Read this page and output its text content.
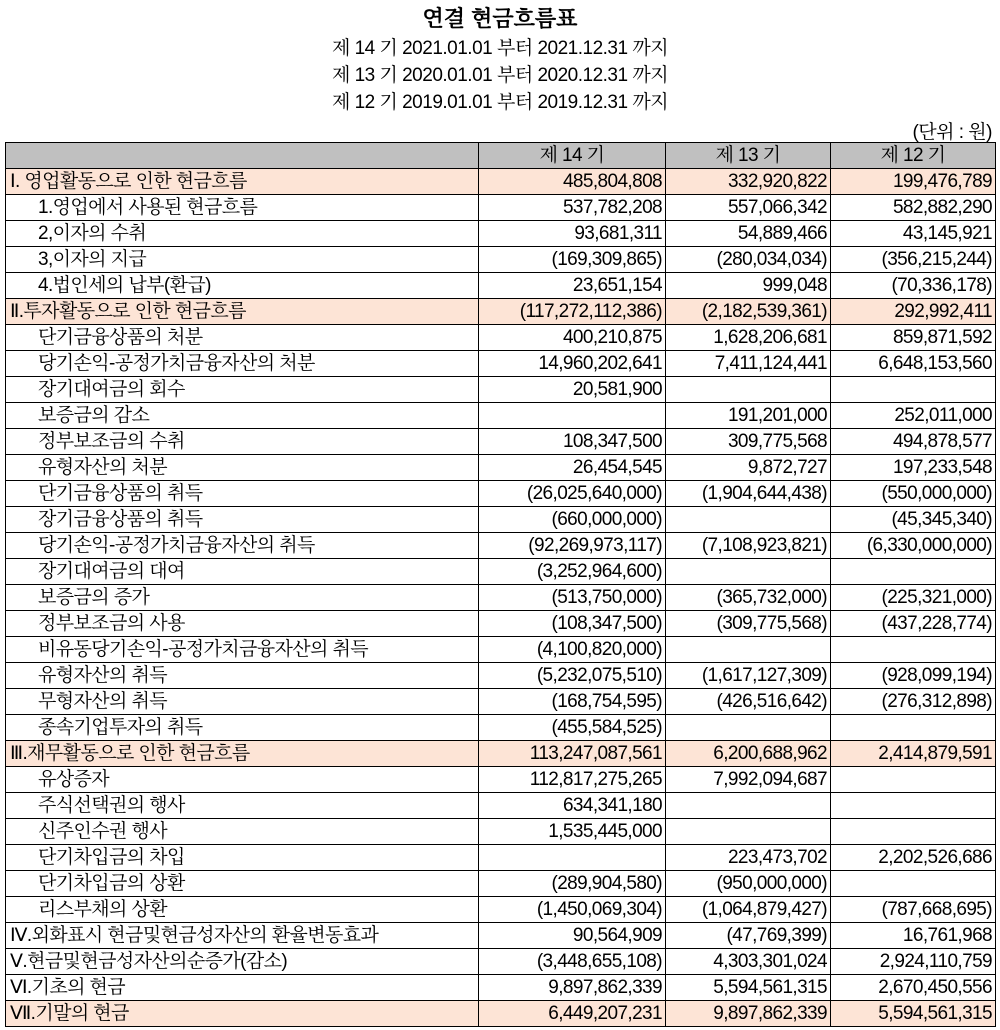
연결 현금흐름표
제 14 기 2021.01.01 부터 2021.12.31 까지
제 13 기 2020.01.01 부터 2020.12.31 까지
제 12 기 2019.01.01 부터 2019.12.31 까지
(단위 : 원)
	제 14 기	제 13 기	제 12 기
Ⅰ. 영업활동으로 인한 현금흐름	485,804,808	332,920,822	199,476,789
1.영업에서 사용된 현금흐름	537,782,208	557,066,342	582,882,290
2,이자의 수취	93,681,311	54,889,466	43,145,921
3,이자의 지급	(169,309,865)	(280,034,034)	(356,215,244)
4.법인세의 납부(환급)	23,651,154	999,048	(70,336,178)
Ⅱ.투자활동으로 인한 현금흐름	(117,272,112,386)	(2,182,539,361)	292,992,411
단기금융상품의 처분	400,210,875	1,628,206,681	859,871,592
당기손익-공정가치금융자산의 처분	14,960,202,641	7,411,124,441	6,648,153,560
장기대여금의 회수	20,581,900		
보증금의 감소		191,201,000	252,011,000
정부보조금의 수취	108,347,500	309,775,568	494,878,577
유형자산의 처분	26,454,545	9,872,727	197,233,548
단기금융상품의 취득	(26,025,640,000)	(1,904,644,438)	(550,000,000)
장기금융상품의 취득	(660,000,000)		(45,345,340)
당기손익-공정가치금융자산의 취득	(92,269,973,117)	(7,108,923,821)	(6,330,000,000)
장기대여금의 대여	(3,252,964,600)		
보증금의 증가	(513,750,000)	(365,732,000)	(225,321,000)
정부보조금의 사용	(108,347,500)	(309,775,568)	(437,228,774)
비유동당기손익-공정가치금융자산의 취득	(4,100,820,000)		
유형자산의 취득	(5,232,075,510)	(1,617,127,309)	(928,099,194)
무형자산의 취득	(168,754,595)	(426,516,642)	(276,312,898)
종속기업투자의 취득	(455,584,525)		
Ⅲ.재무활동으로 인한 현금흐름	113,247,087,561	6,200,688,962	2,414,879,591
유상증자	112,817,275,265	7,992,094,687	
주식선택권의 행사	634,341,180		
신주인수권 행사	1,535,445,000		
단기차입금의 차입		223,473,702	2,202,526,686
단기차입금의 상환	(289,904,580)	(950,000,000)	
리스부채의 상환	(1,450,069,304)	(1,064,879,427)	(787,668,695)
Ⅳ.외화표시 현금및현금성자산의 환율변동효과	90,564,909	(47,769,399)	16,761,968
Ⅴ.현금및현금성자산의순증가(감소)	(3,448,655,108)	4,303,301,024	2,924,110,759
Ⅵ.기초의 현금	9,897,862,339	5,594,561,315	2,670,450,556
Ⅶ.기말의 현금	6,449,207,231	9,897,862,339	5,594,561,315
